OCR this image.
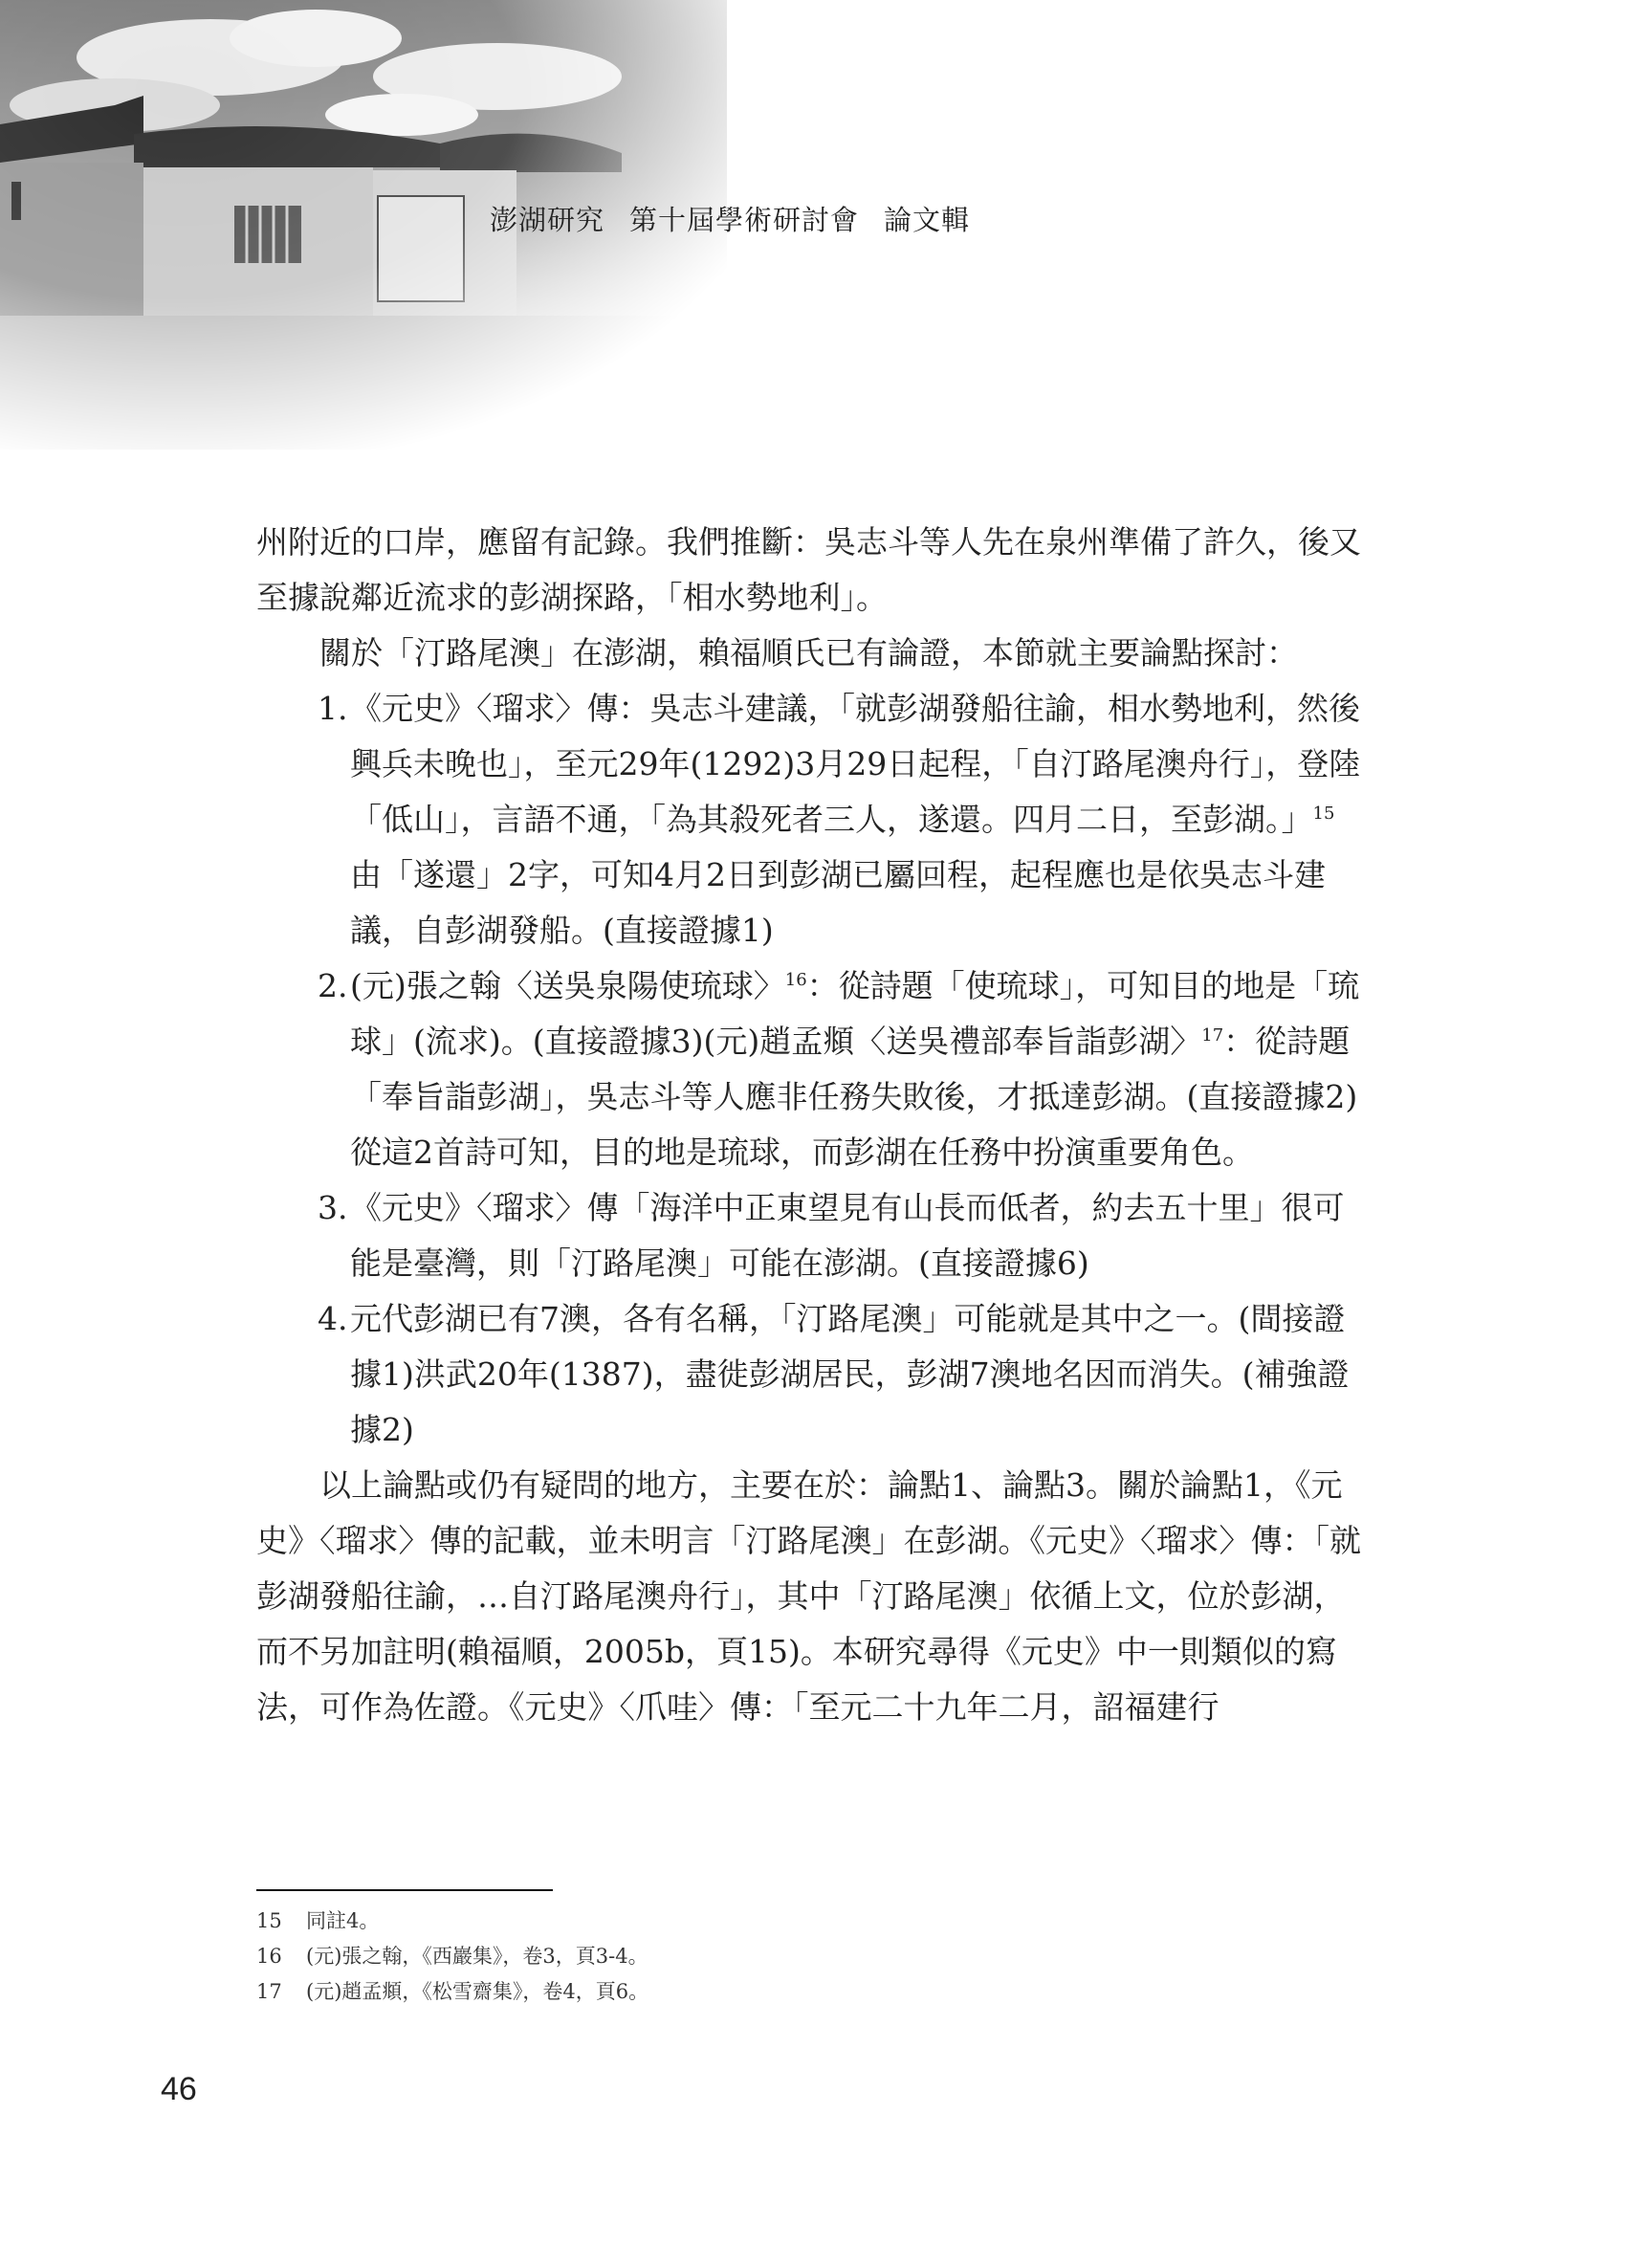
澎湖研究 第十屆學術研討會 論文輯

州附近的口岸，應留有記錄。我們推斷：吳志斗等人先在泉州準備了許久，後又至據說鄰近流求的彭湖探路，「相水勢地利」。

關於「汀路尾澳」在澎湖，賴福順氏已有論證，本節就主要論點探討：

1. 《元史》〈瑠求〉傳：吳志斗建議，「就彭湖發船往諭，相水勢地利，然後興兵未晚也」，至元29年(1292)3月29日起程，「自汀路尾澳舟行」，登陸「低山」，言語不通，「為其殺死者三人，遂還。四月二日，至彭湖。」$^{15}$由「遂還」2字，可知4月2日到彭湖已屬回程，起程應也是依吳志斗建議，自彭湖發船。(直接證據1)
2. (元)張之翰〈送吳泉陽使琉球〉$^{16}$：從詩題「使琉球」，可知目的地是「琉球」(流求)。(直接證據3)(元)趙孟頫〈送吳禮部奉旨詣彭湖〉$^{17}$：從詩題「奉旨詣彭湖」，吳志斗等人應非任務失敗後，才抵達彭湖。(直接證據2)從這2首詩可知，目的地是琉球，而彭湖在任務中扮演重要角色。
3. 《元史》〈瑠求〉傳「海洋中正東望見有山長而低者，約去五十里」很可能是臺灣，則「汀路尾澳」可能在澎湖。(直接證據6)
4. 元代彭湖已有7澳，各有名稱，「汀路尾澳」可能就是其中之一。(間接證據1)洪武20年(1387)，盡徙彭湖居民，彭湖7澳地名因而消失。(補強證據2)

以上論點或仍有疑問的地方，主要在於：論點1、論點3。關於論點1，《元史》〈瑠求〉傳的記載，並未明言「汀路尾澳」在彭湖。《元史》〈瑠求〉傳：「就彭湖發船往諭，…自汀路尾澳舟行」，其中「汀路尾澳」依循上文，位於彭湖，而不另加註明(賴福順，2005b，頁15)。本研究尋得《元史》中一則類似的寫法，可作為佐證。《元史》〈爪哇〉傳：「至元二十九年二月，詔福建行

15	同註4。
16	(元)張之翰，《西巖集》，卷3，頁3-4。
17	(元)趙孟頫，《松雪齋集》，卷4，頁6。
46
